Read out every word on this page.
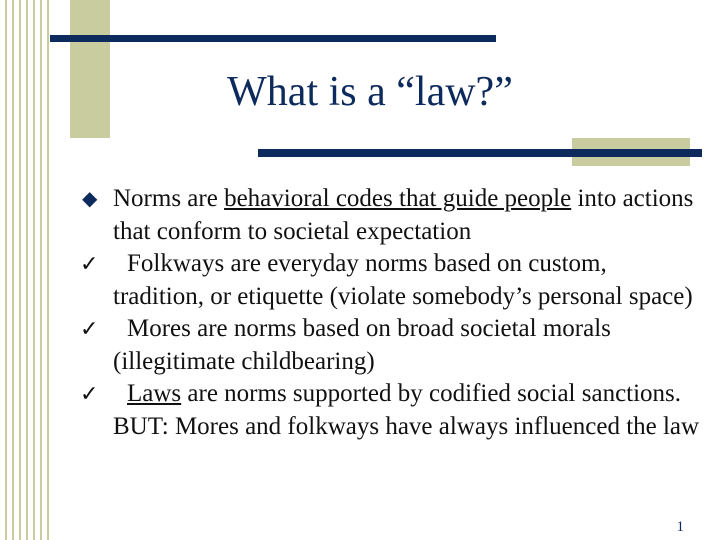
What is a “law?”
◆ Norms are behavioral codes that guide people into actions that conform to societal expectation
✓ Folkways are everyday norms based on custom, tradition, or etiquette (violate somebody’s personal space)
✓ Mores are norms based on broad societal morals (illegitimate childbearing)
✓ Laws are norms supported by codified social sanctions. BUT: Mores and folkways have always influenced the law
1
